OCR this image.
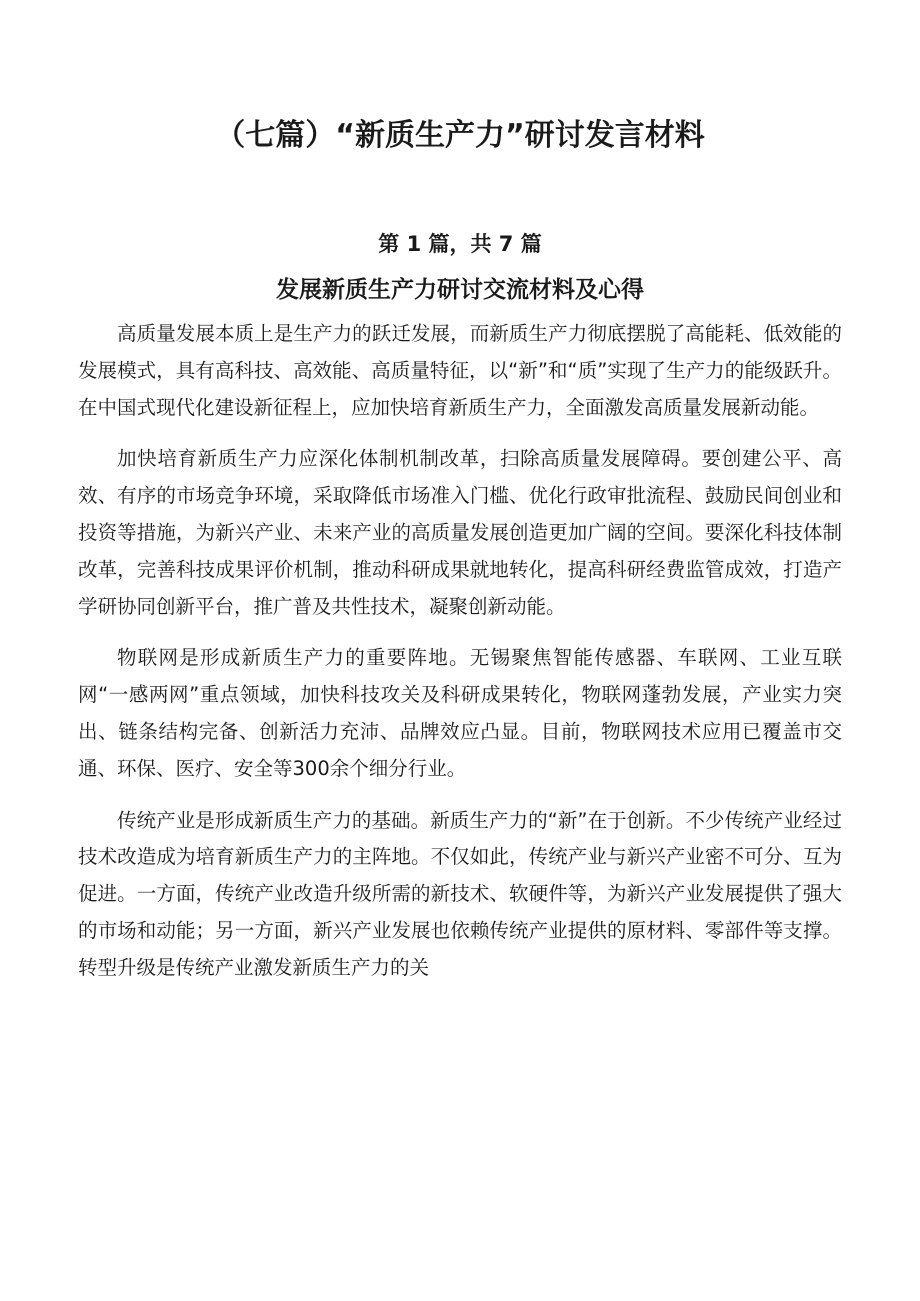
（七篇）“新质生产力”研讨发言材料
第 1 篇，共 7 篇
发展新质生产力研讨交流材料及心得

高质量发展本质上是生产力的跃迁发展，而新质生产力彻底摆脱了高能耗、低效能的发展模式，具有高科技、高效能、高质量特征，以“新”和“质”实现了生产力的能级跃升。在中国式现代化建设新征程上，应加快培育新质生产力，全面激发高质量发展新动能。

加快培育新质生产力应深化体制机制改革，扫除高质量发展障碍。要创建公平、高效、有序的市场竞争环境，采取降低市场准入门槛、优化行政审批流程、鼓励民间创业和投资等措施，为新兴产业、未来产业的高质量发展创造更加广阔的空间。要深化科技体制改革，完善科技成果评价机制，推动科研成果就地转化，提高科研经费监管成效，打造产学研协同创新平台，推广普及共性技术，凝聚创新动能。

物联网是形成新质生产力的重要阵地。无锡聚焦智能传感器、车联网、工业互联网“一感两网”重点领域，加快科技攻关及科研成果转化，物联网蓬勃发展，产业实力突出、链条结构完备、创新活力充沛、品牌效应凸显。目前，物联网技术应用已覆盖市交通、环保、医疗、安全等300余个细分行业。

传统产业是形成新质生产力的基础。新质生产力的“新”在于创新。不少传统产业经过技术改造成为培育新质生产力的主阵地。不仅如此，传统产业与新兴产业密不可分、互为促进。一方面，传统产业改造升级所需的新技术、软硬件等，为新兴产业发展提供了强大的市场和动能；另一方面，新兴产业发展也依赖传统产业提供的原材料、零部件等支撑。转型升级是传统产业激发新质生产力的关
